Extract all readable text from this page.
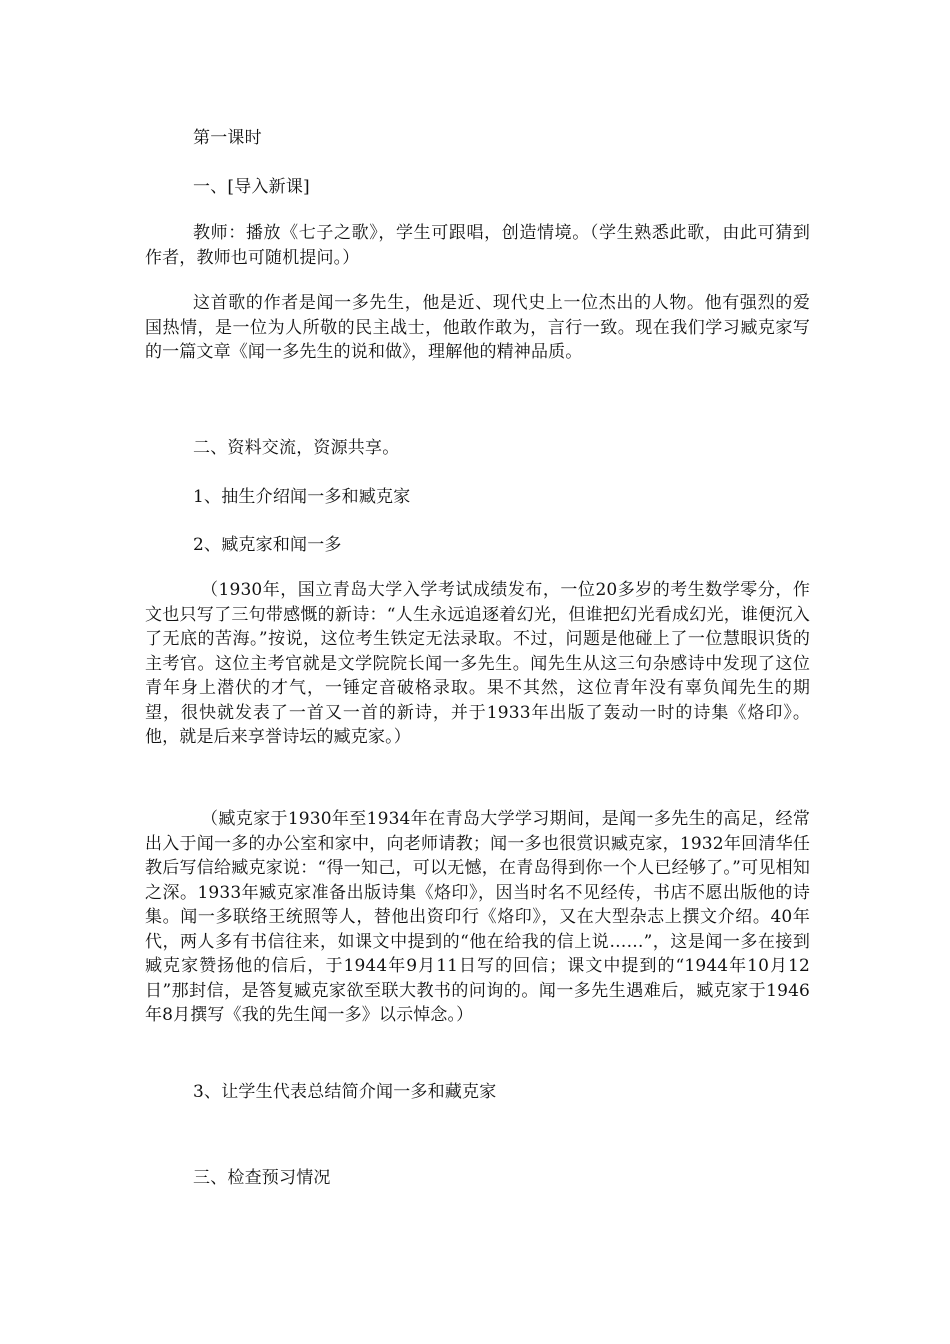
第一课时
一、[导入新课]
教师：播放《七子之歌》，学生可跟唱，创造情境。（学生熟悉此歌，由此可猜到作者，教师也可随机提问。）
这首歌的作者是闻一多先生，他是近、现代史上一位杰出的人物。他有强烈的爱国热情，是一位为人所敬的民主战士，他敢作敢为，言行一致。现在我们学习臧克家写的一篇文章《闻一多先生的说和做》，理解他的精神品质。
二、资料交流，资源共享。
1、抽生介绍闻一多和臧克家
2、臧克家和闻一多
（1930年，国立青岛大学入学考试成绩发布，一位20多岁的考生数学零分，作文也只写了三句带感慨的新诗：“人生永远追逐着幻光，但谁把幻光看成幻光，谁便沉入了无底的苦海。”按说，这位考生铁定无法录取。不过，问题是他碰上了一位慧眼识货的主考官。这位主考官就是文学院院长闻一多先生。闻先生从这三句杂感诗中发现了这位青年身上潜伏的才气，一锤定音破格录取。果不其然，这位青年没有辜负闻先生的期望，很快就发表了一首又一首的新诗，并于1933年出版了轰动一时的诗集《烙印》。他，就是后来享誉诗坛的臧克家。）
（臧克家于1930年至1934年在青岛大学学习期间，是闻一多先生的高足，经常出入于闻一多的办公室和家中，向老师请教；闻一多也很赏识臧克家，1932年回清华任教后写信给臧克家说：“得一知己，可以无憾，在青岛得到你一个人已经够了。”可见相知之深。1933年臧克家准备出版诗集《烙印》，因当时名不见经传，书店不愿出版他的诗集。闻一多联络王统照等人，替他出资印行《烙印》，又在大型杂志上撰文介绍。40年代，两人多有书信往来，如课文中提到的“他在给我的信上说……”，这是闻一多在接到臧克家赞扬他的信后，于1944年9月11日写的回信；课文中提到的“1944年10月12日”那封信，是答复臧克家欲至联大教书的问询的。闻一多先生遇难后，臧克家于1946年8月撰写《我的先生闻一多》以示悼念。）
3、让学生代表总结简介闻一多和藏克家
三、检查预习情况
